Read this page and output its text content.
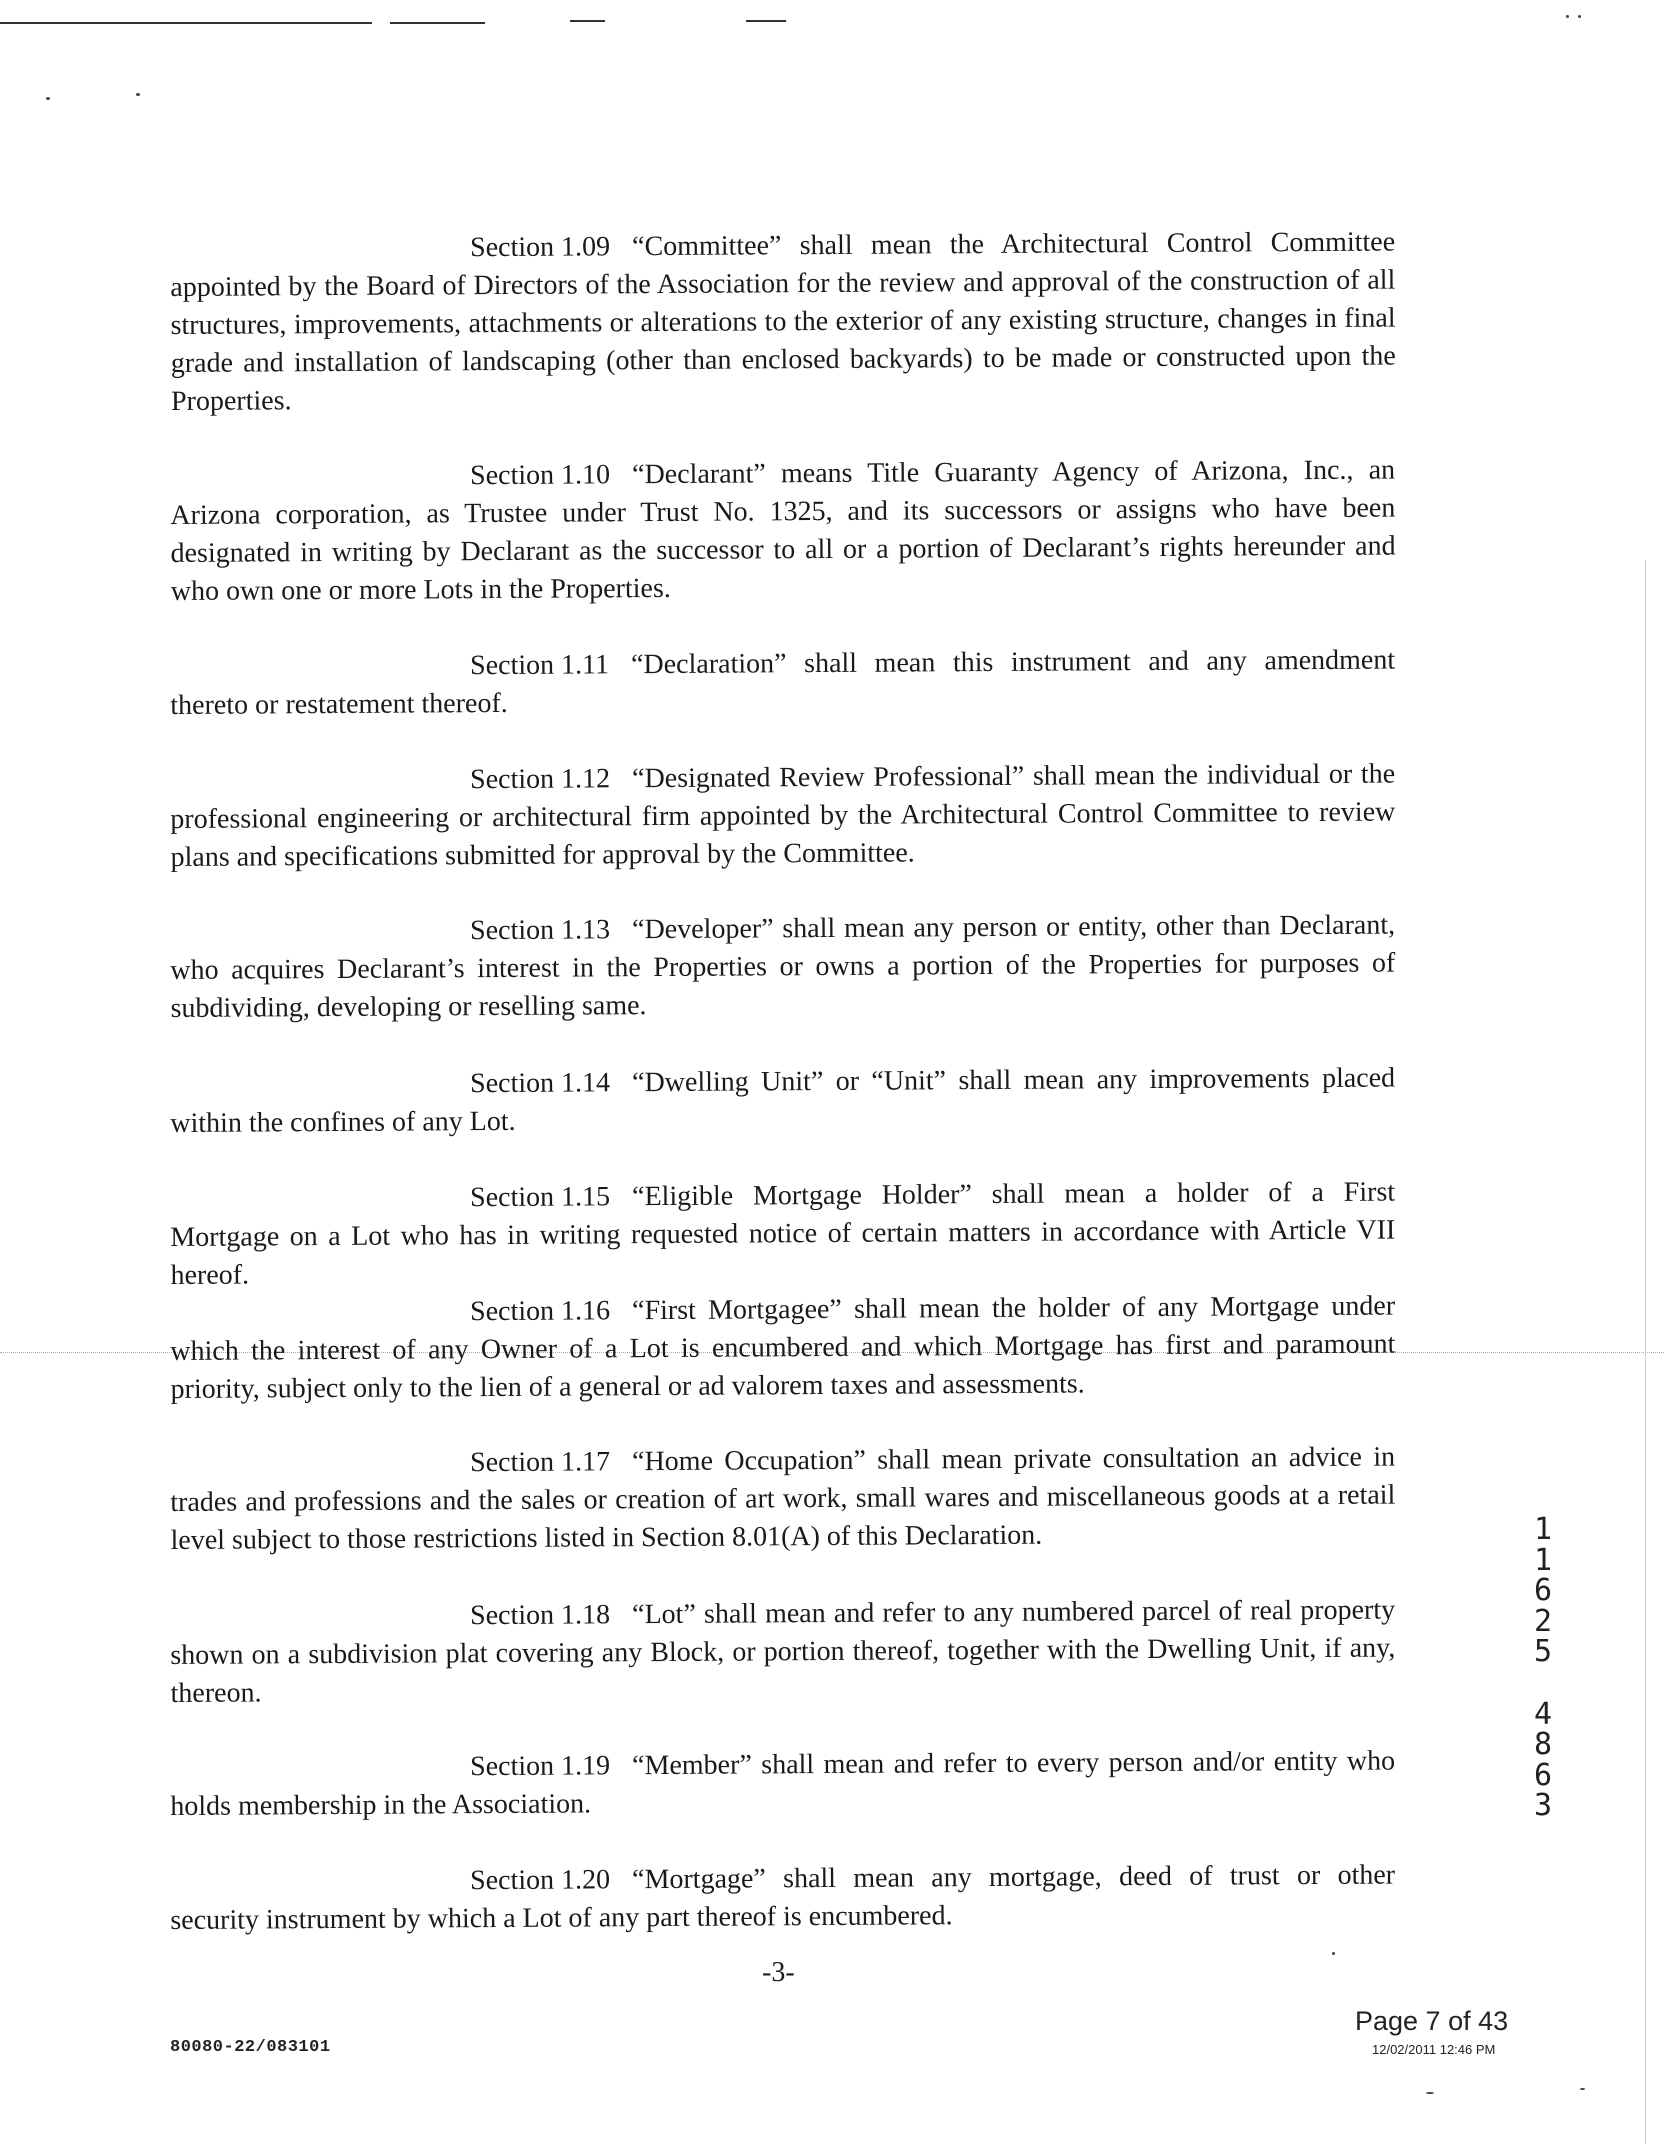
Section 1.09 “Committee” shall mean the Architectural Control Committee appointed by the Board of Directors of the Association for the review and approval of the construction of all structures, improvements, attachments or alterations to the exterior of any existing structure, changes in final grade and installation of landscaping (other than enclosed backyards) to be made or constructed upon the Properties.

Section 1.10 “Declarant” means Title Guaranty Agency of Arizona, Inc., an Arizona corporation, as Trustee under Trust No. 1325, and its successors or assigns who have been designated in writing by Declarant as the successor to all or a portion of Declarant’s rights hereunder and who own one or more Lots in the Properties.

Section 1.11 “Declaration” shall mean this instrument and any amendment thereto or restatement thereof.

Section 1.12 “Designated Review Professional” shall mean the individual or the professional engineering or architectural firm appointed by the Architectural Control Committee to review plans and specifications submitted for approval by the Committee.

Section 1.13 “Developer” shall mean any person or entity, other than Declarant, who acquires Declarant’s interest in the Properties or owns a portion of the Properties for purposes of subdividing, developing or reselling same.

Section 1.14 “Dwelling Unit” or “Unit” shall mean any improvements placed within the confines of any Lot.

Section 1.15 “Eligible Mortgage Holder” shall mean a holder of a First Mortgage on a Lot who has in writing requested notice of certain matters in accordance with Article VII hereof.

Section 1.16 “First Mortgagee” shall mean the holder of any Mortgage under which the interest of any Owner of a Lot is encumbered and which Mortgage has first and paramount priority, subject only to the lien of a general or ad valorem taxes and assessments.

Section 1.17 “Home Occupation” shall mean private consultation an advice in trades and professions and the sales or creation of art work, small wares and miscellaneous goods at a retail level subject to those restrictions listed in Section 8.01(A) of this Declaration.

Section 1.18 “Lot” shall mean and refer to any numbered parcel of real property shown on a subdivision plat covering any Block, or portion thereof, together with the Dwelling Unit, if any, thereon.

Section 1.19 “Member” shall mean and refer to every person and/or entity who holds membership in the Association.

Section 1.20 “Mortgage” shall mean any mortgage, deed of trust or other security instrument by which a Lot of any part thereof is encumbered.

-3-
80080-22/083101
Page 7 of 43
12/02/2011 12:46 PM
1
1
6
2
5
4
8
6
3
